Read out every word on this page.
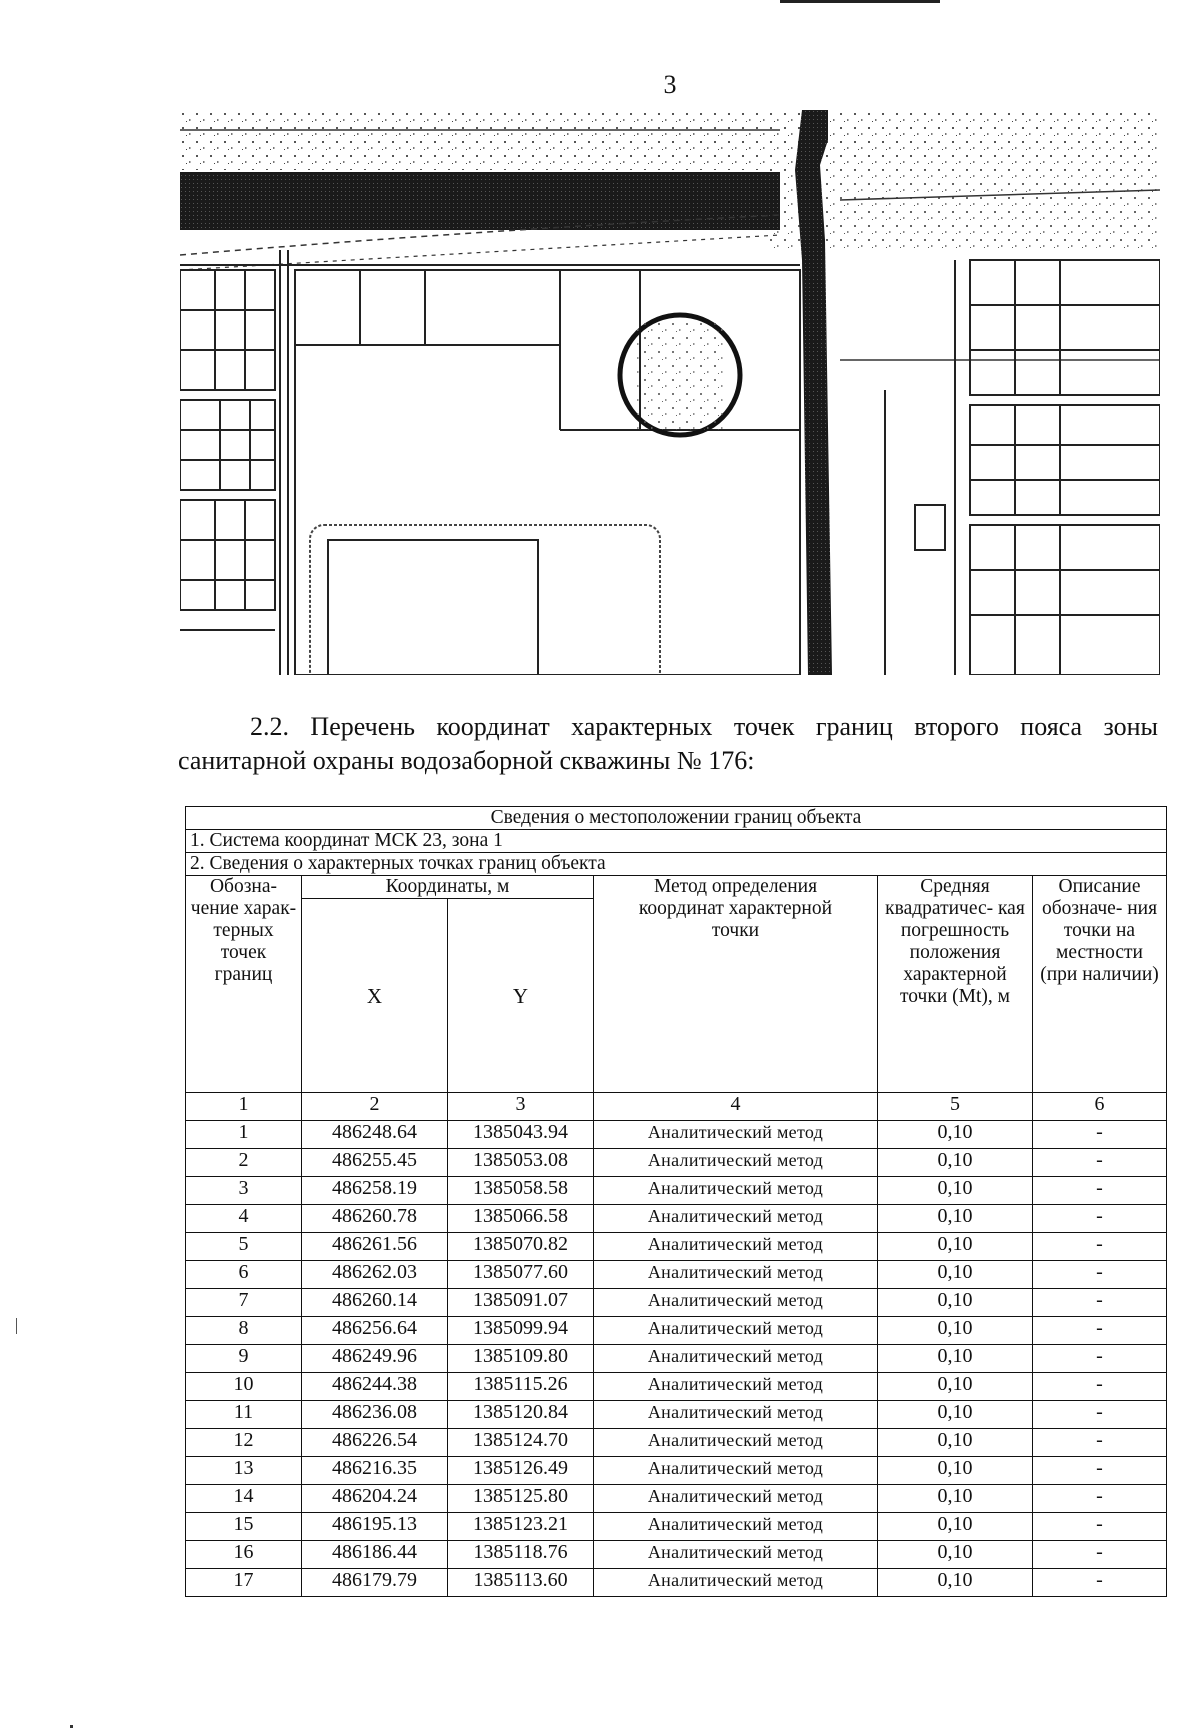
3
2.2. Перечень координат характерных точек границ второго пояса зоны
санитарной охраны водозаборной скважины № 176:
Сведения о местоположении границ объекта					
1. Система координат МСК 23, зона 1					
2. Сведения о характерных точках границ объекта					
Обозна- чение харак- терных точек границ	Координаты, м		Метод определения координат характерной точки	Средняя квадратичес- кая погрешность положения характерной точки (Mt), м	Описание обозначе- ния точки на местности (при наличии)
	X	Y			
1	2	3	4	5	6
1	486248.64	1385043.94	Аналитический метод	0,10	-
2	486255.45	1385053.08	Аналитический метод	0,10	-
3	486258.19	1385058.58	Аналитический метод	0,10	-
4	486260.78	1385066.58	Аналитический метод	0,10	-
5	486261.56	1385070.82	Аналитический метод	0,10	-
6	486262.03	1385077.60	Аналитический метод	0,10	-
7	486260.14	1385091.07	Аналитический метод	0,10	-
8	486256.64	1385099.94	Аналитический метод	0,10	-
9	486249.96	1385109.80	Аналитический метод	0,10	-
10	486244.38	1385115.26	Аналитический метод	0,10	-
11	486236.08	1385120.84	Аналитический метод	0,10	-
12	486226.54	1385124.70	Аналитический метод	0,10	-
13	486216.35	1385126.49	Аналитический метод	0,10	-
14	486204.24	1385125.80	Аналитический метод	0,10	-
15	486195.13	1385123.21	Аналитический метод	0,10	-
16	486186.44	1385118.76	Аналитический метод	0,10	-
17	486179.79	1385113.60	Аналитический метод	0,10	-
